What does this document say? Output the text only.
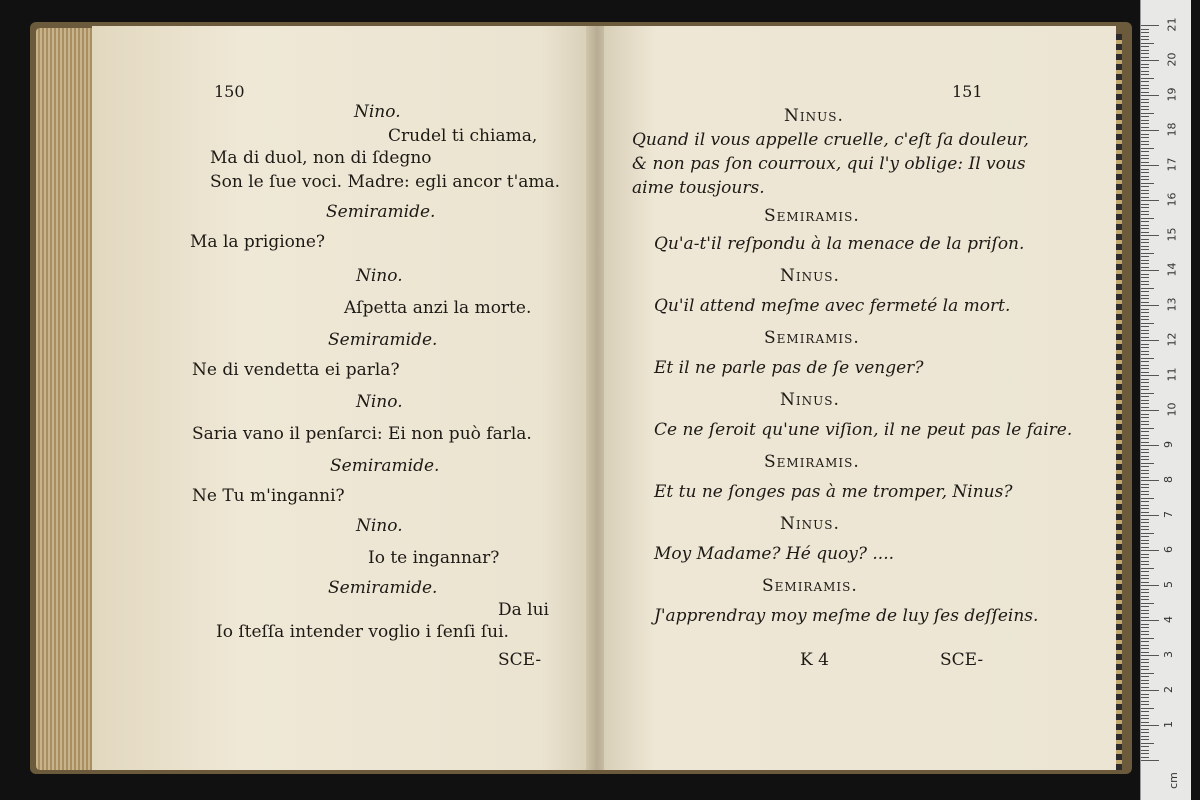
150
Nino.
Crudel ti chiama,
Ma di duol, non di ſdegno
Son le ſue voci. Madre: egli ancor t'ama.
Semiramide.
Ma la prigione?
Nino.
Aſpetta anzi la morte.
Semiramide.
Ne di vendetta ei parla?
Nino.
Saria vano il penſarci: Ei non può farla.
Semiramide.
Ne Tu m'inganni?
Nino.
Io te ingannar?
Semiramide.
Da lui
Io ſteſſa intender voglio i ſenſi ſui.
SCE-
151
Ninus.
Quand il vous appelle cruelle, c'eſt ſa douleur,
& non pas ſon courroux, qui l'y oblige: Il vous
aime tousjours.
Semiramis.
Qu'a-t'il reſpondu à la menace de la priſon.
Ninus.
Qu'il attend meſme avec fermeté la mort.
Semiramis.
Et il ne parle pas de ſe venger?
Ninus.
Ce ne ſeroit qu'une viſion, il ne peut pas le faire.
Semiramis.
Et tu ne ſonges pas à me tromper, Ninus?
Ninus.
Moy Madame? Hé quoy? ....
Semiramis.
J'apprendray moy meſme de luy ſes deſſeins.
K 4	SCE-
1
2
3
4
5
6
7
8
9
10
11
12
13
14
15
16
17
18
19
20
21
cm
